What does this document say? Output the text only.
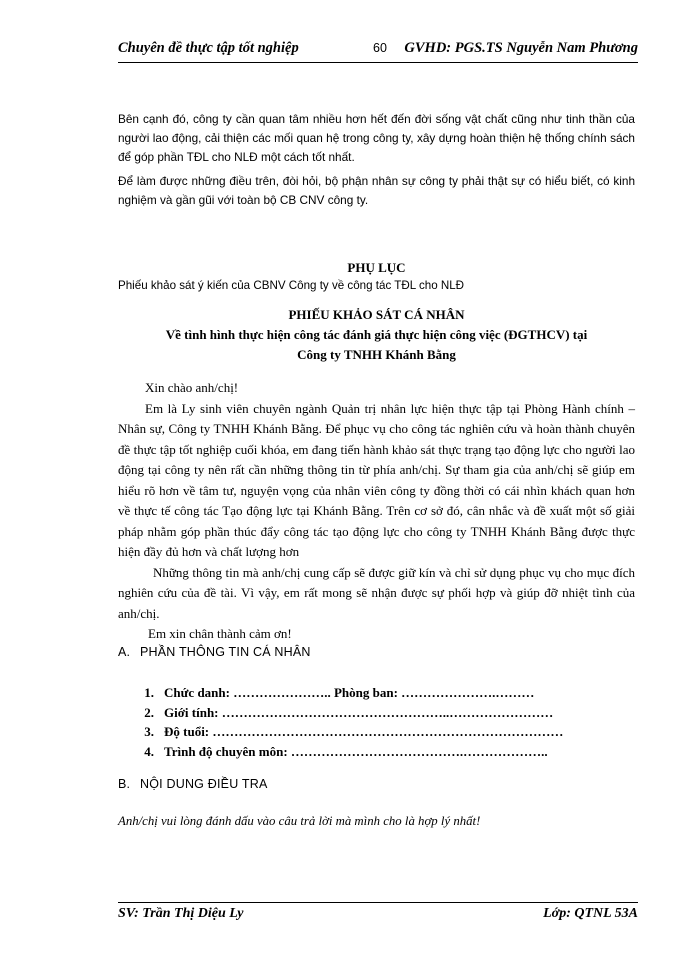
Chuyên đề thực tập tốt nghiệp	60 GVHD: PGS.TS Nguyễn Nam Phương
Bên cạnh đó, công ty cần quan tâm nhiều hơn hết đến đời sống vật chất cũng như tinh thần của người lao động, cải thiện các mối quan hệ trong công ty, xây dựng hoàn thiện hệ thống chính sách để góp phần TĐL cho NLĐ một cách tốt nhất.
Để làm được những điều trên, đòi hỏi, bộ phận nhân sự công ty phải thật sự có hiểu biết, có kinh nghiệm và gần gũi với toàn bộ CB CNV công ty.
PHỤ LỤC
Phiếu khảo sát ý kiến của CBNV Công ty về công tác TĐL cho NLĐ
PHIẾU KHẢO SÁT CÁ NHÂN
Về tình hình thực hiện công tác đánh giá thực hiện công việc (ĐGTHCV) tại
Công ty TNHH Khánh Bằng

Xin chào anh/chị!

Em là Ly sinh viên chuyên ngành Quản trị nhân lực hiện thực tập tại Phòng Hành chính – Nhân sự, Công ty TNHH Khánh Bằng. Để phục vụ cho công tác nghiên cứu và hoàn thành chuyên đề thực tập tốt nghiệp cuối khóa, em đang tiến hành khảo sát thực trạng tạo động lực cho người lao động tại công ty nên rất cần những thông tin từ phía anh/chị. Sự tham gia của anh/chị sẽ giúp em hiểu rõ hơn về tâm tư, nguyện vọng của nhân viên công ty đồng thời có cái nhìn khách quan hơn về thực tế công tác Tạo động lực tại Khánh Bằng. Trên cơ sở đó, cân nhắc và đề xuất một số giải pháp nhằm góp phần thúc đẩy công tác tạo động lực cho công ty TNHH Khánh Bằng được thực hiện đầy đủ hơn và chất lượng hơn

Những thông tin mà anh/chị cung cấp sẽ được giữ kín và chỉ sử dụng phục vụ cho mục đích nghiên cứu của đề tài. Vì vậy, em rất mong sẽ nhận được sự phối hợp và giúp đỡ nhiệt tình của anh/chị.

Em xin chân thành cảm ơn!

A. PHẦN THÔNG TIN CÁ NHÂN
1. Chức danh: ………………….. Phòng ban: ………………….………
2. Giới tính: ……………………………………………..……………………
3. Độ tuổi: ………………………………………………………………………
4. Trình độ chuyên môn: ………………………………….………………..
B. NỘI DUNG ĐIỀU TRA
Anh/chị vui lòng đánh dấu vào câu trả lời mà mình cho là hợp lý nhất!
SV: Trần Thị Diệu Ly	Lớp: QTNL 53A
